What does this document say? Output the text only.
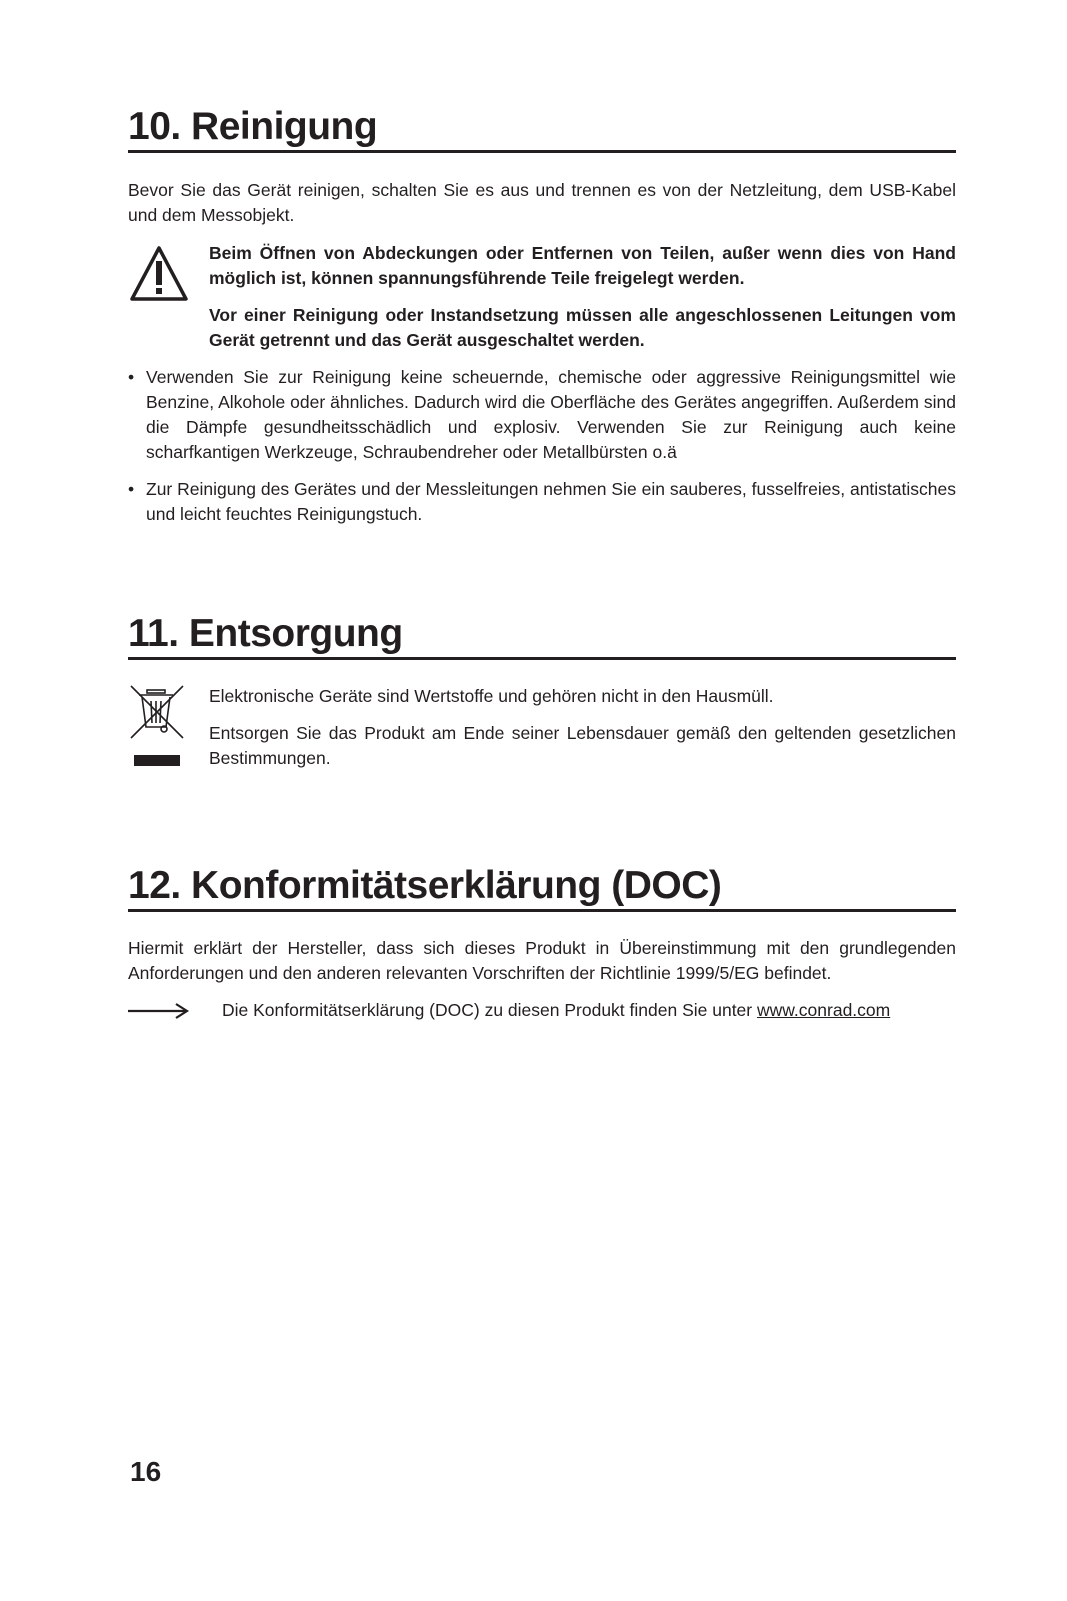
10. Reinigung

Bevor Sie das Gerät reinigen, schalten Sie es aus und trennen es von der Netzleitung, dem USB-Kabel und dem Messobjekt.

Beim Öffnen von Abdeckungen oder Entfernen von Teilen, außer wenn dies von Hand möglich ist, können spannungsführende Teile freigelegt werden.

Vor einer Reinigung oder Instandsetzung müssen alle angeschlossenen Leitungen vom Gerät getrennt und das Gerät ausgeschaltet werden.

• Verwenden Sie zur Reinigung keine scheuernde, chemische oder aggressive Reinigungsmittel wie Benzine, Alkohole oder ähnliches. Dadurch wird die Oberfläche des Gerätes angegriffen. Außerdem sind die Dämpfe gesundheitsschädlich und explosiv. Verwenden Sie zur Reinigung auch keine scharfkantigen Werkzeuge, Schraubendreher oder Metallbürsten o.ä
• Zur Reinigung des Gerätes und der Messleitungen nehmen Sie ein sauberes, fusselfreies, antistatisches und leicht feuchtes Reinigungstuch.
11. Entsorgung

Elektronische Geräte sind Wertstoffe und gehören nicht in den Hausmüll.

Entsorgen Sie das Produkt am Ende seiner Lebensdauer gemäß den geltenden gesetzlichen Bestimmungen.

12. Konformitätserklärung (DOC)

Hiermit erklärt der Hersteller, dass sich dieses Produkt in Übereinstimmung mit den grundlegenden Anforderungen und den anderen relevanten Vorschriften der Richtlinie 1999/5/EG befindet.

Die Konformitätserklärung (DOC) zu diesen Produkt finden Sie unter www.conrad.com

16
